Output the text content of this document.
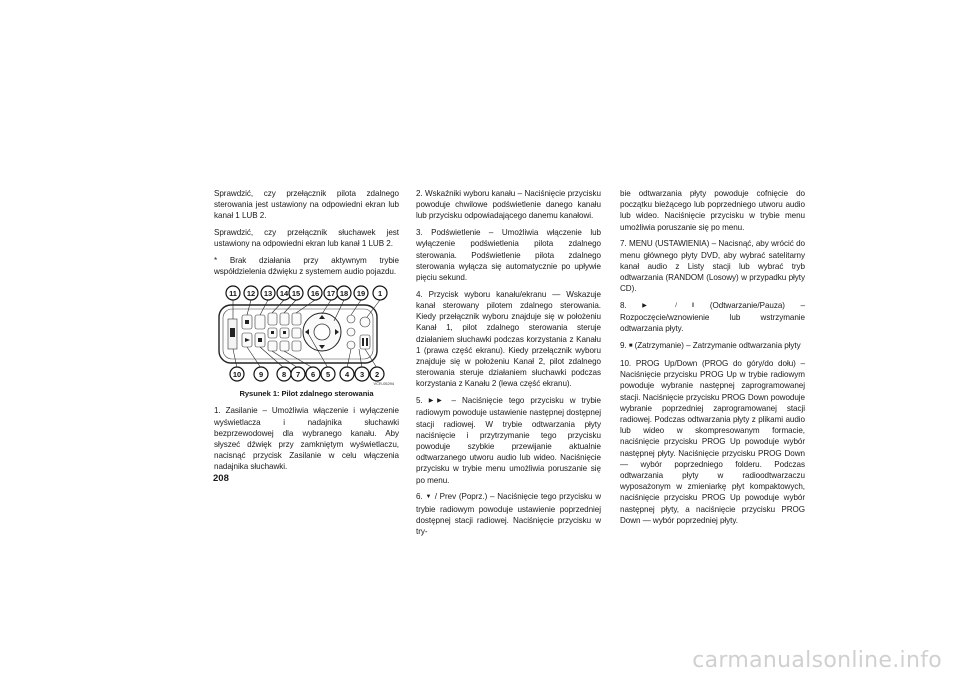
Sprawdzić, czy przełącznik pilota zdalnego sterowania jest ustawiony na odpowiedni ekran lub kanał 1 LUB 2.

Sprawdzić, czy przełącznik słuchawek jest ustawiony na odpowiedni ekran lub kanał 1 LUB 2.

* Brak działania przy aktywnym trybie współdzielenia dźwięku z systemem audio pojazdu.

11 12 13 14 15 16 17 18 19 1
10 9	8 7 6 5 4 3 2
VCR-05294
Rysunek 1: Pilot zdalnego sterowania

1. Zasilanie – Umożliwia włączenie i wyłączenie wyświetlacza i nadajnika słuchawki bezprzewodowej dla wybranego kanału. Aby słyszeć dźwięk przy zamkniętym wyświetlaczu, nacisnąć przycisk Zasilanie w celu włączenia nadajnika słuchawki.

2. Wskaźniki wyboru kanału – Naciśnięcie przycisku powoduje chwilowe podświetlenie danego kanału lub przycisku odpowiadającego danemu kanałowi.

3. Podświetlenie – Umożliwia włączenie lub wyłączenie podświetlenia pilota zdalnego sterowania. Podświetlenie pilota zdalnego sterowania wyłącza się automatycznie po upływie pięciu sekund.

4. Przycisk wyboru kanału/ekranu — Wskazuje kanał sterowany pilotem zdalnego sterowania. Kiedy przełącznik wyboru znajduje się w położeniu Kanał 1, pilot zdalnego sterowania steruje działaniem słuchawki podczas korzystania z Kanału 1 (prawa część ekranu). Kiedy przełącznik wyboru znajduje się w położeniu Kanał 2, pilot zdalnego sterowania steruje działaniem słuchawki podczas korzystania z Kanału 2 (lewa część ekranu).

5. ▶▶ – Naciśnięcie tego przycisku w trybie radiowym powoduje ustawienie następnej dostępnej stacji radiowej. W trybie odtwarzania płyty naciśnięcie i przytrzymanie tego przycisku powoduje szybkie przewijanie aktualnie odtwarzanego utworu audio lub wideo. Naciśnięcie przycisku w trybie menu umożliwia poruszanie się po menu.

6. ▼ / Prev (Poprz.) – Naciśnięcie tego przycisku w trybie radiowym powoduje ustawienie poprzedniej dostępnej stacji radiowej. Naciśnięcie przycisku w try-

bie odtwarzania płyty powoduje cofnięcie do początku bieżącego lub poprzedniego utworu audio lub wideo. Naciśnięcie przycisku w trybie menu umożliwia poruszanie się po menu.

7. MENU (USTAWIENIA) – Nacisnąć, aby wrócić do menu głównego płyty DVD, aby wybrać satelitarny kanał audio z Listy stacji lub wybrać tryb odtwarzania (RANDOM (Losowy) w przypadku płyty CD).

8.	▶ / ‖ (Odtwarzanie/Pauza) – Rozpoczęcie/wznowienie lub wstrzymanie odtwarzania płyty.

9. ■ (Zatrzymanie) – Zatrzymanie odtwarzania płyty

10. PROG Up/Down (PROG do góry/do dołu) – Naciśnięcie przycisku PROG Up w trybie radiowym powoduje wybranie następnej zaprogramowanej stacji. Naciśnięcie przycisku PROG Down powoduje wybranie poprzedniej zaprogramowanej stacji radiowej. Podczas odtwarzania płyty z plikami audio lub wideo w skompresowanym formacie, naciśnięcie przycisku PROG Up powoduje wybór następnej płyty. Naciśnięcie przycisku PROG Down — wybór poprzedniego folderu. Podczas odtwarzania płyty w radioodtwarzaczu wyposażonym w zmieniarkę płyt kompaktowych, naciśnięcie przycisku PROG Up powoduje wybór następnej płyty, a naciśnięcie przycisku PROG Down — wybór poprzedniej płyty.

208
carmanualsonline.info
